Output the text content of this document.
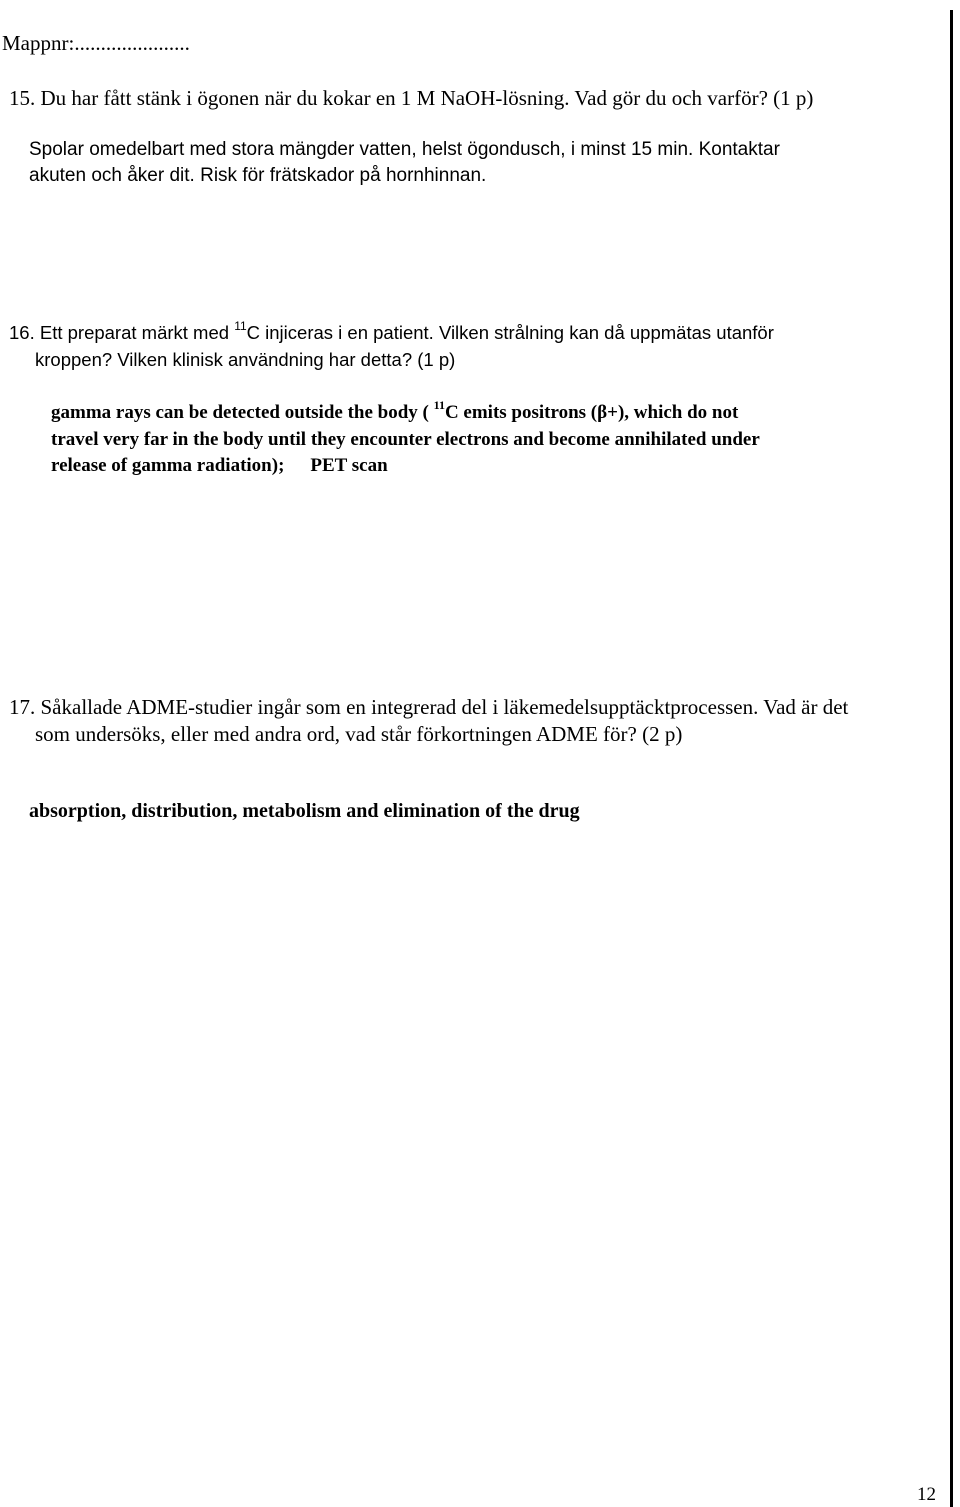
Mappnr:......................
15. Du har fått stänk i ögonen när du kokar en 1 M NaOH-lösning. Vad gör du och varför? (1 p)
Spolar omedelbart med stora mängder vatten, helst ögondusch, i minst 15 min. Kontaktar
akuten och åker dit. Risk för frätskador på hornhinnan.
16. Ett preparat märkt med $^{11}$C injiceras i en patient. Vilken strålning kan då uppmätas utanför
kroppen? Vilken klinisk användning har detta? (1 p)
gamma rays can be detected outside the body ( $^{11}$C emits positrons (β+), which do not
travel very far in the body until they encounter electrons and become annihilated under
release of gamma radiation); PET scan
17. Såkallade ADME-studier ingår som en integrerad del i läkemedelsupptäcktprocessen. Vad är det
som undersöks, eller med andra ord, vad står förkortningen ADME för? (2 p)
absorption, distribution, metabolism and elimination of the drug
12
